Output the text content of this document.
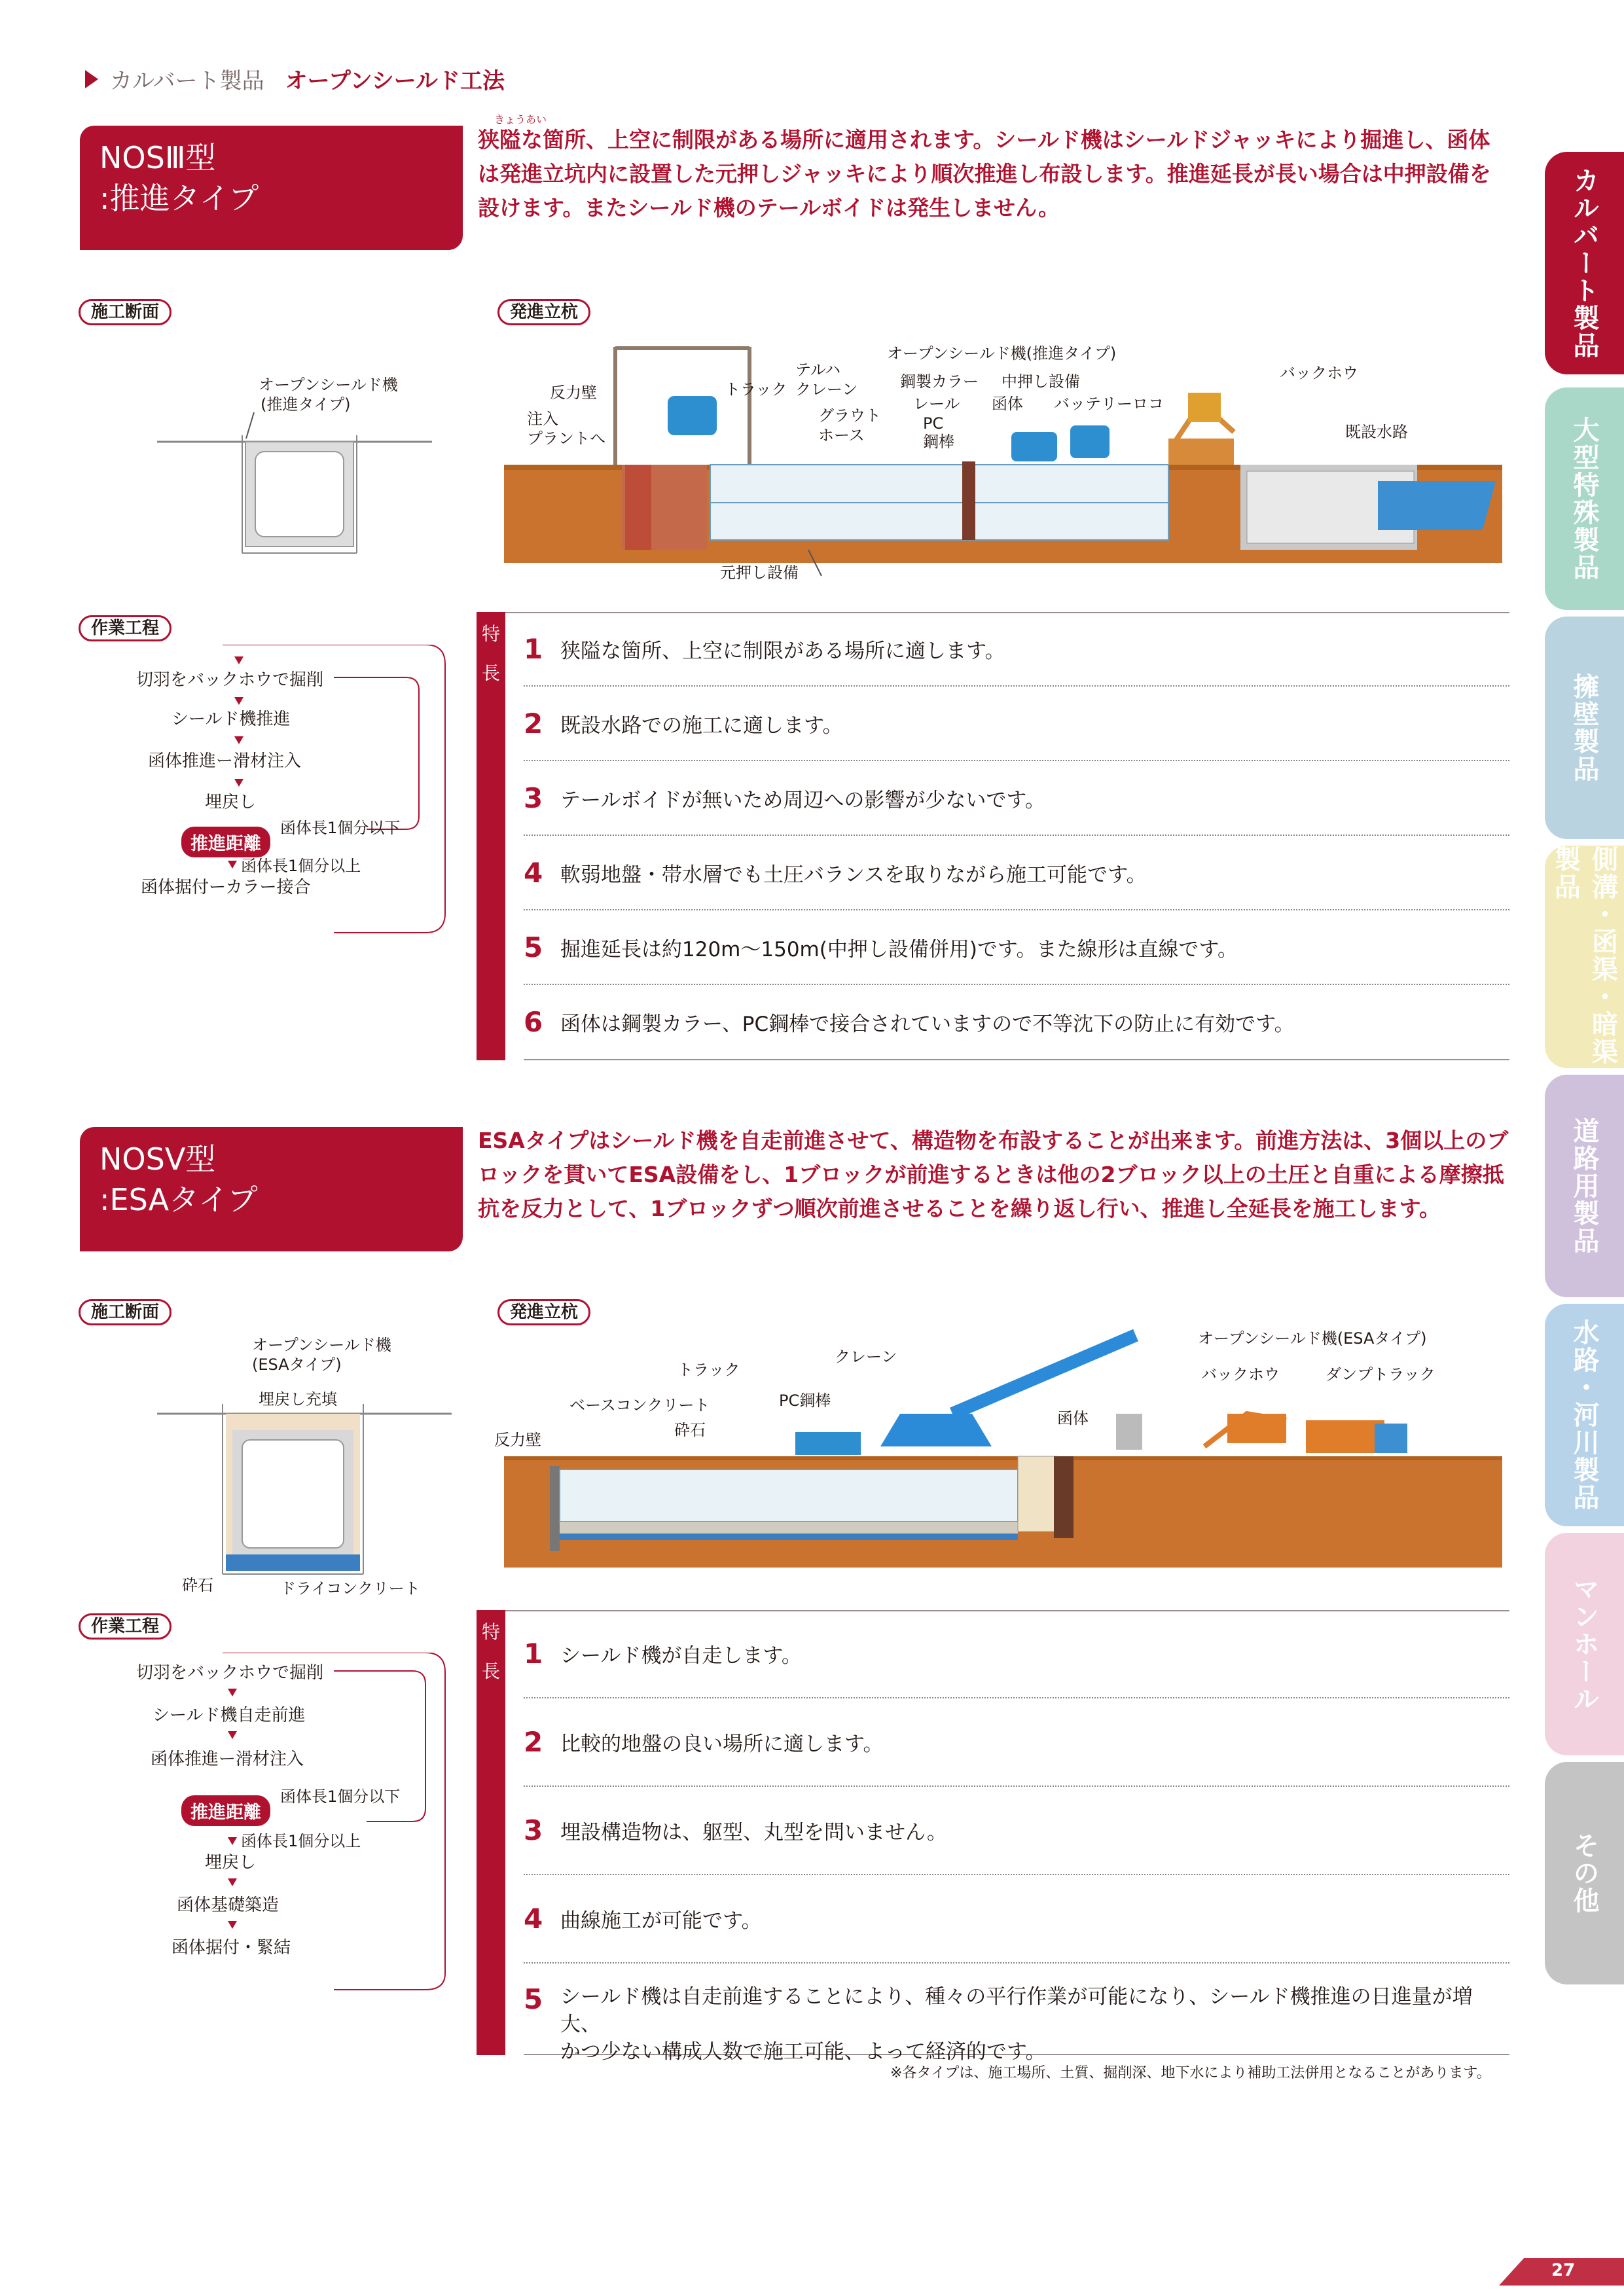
カルバート製品 オープンシールド工法
NOSⅢ型
:推進タイプ
きょうあい
狭隘な箇所、上空に制限がある場所に適用されます。シールド機はシールドジャッキにより掘進し、函体は発進立坑内に設置した元押しジャッキにより順次推進し布設します。推進延長が長い場合は中押設備を設けます。またシールド機のテールボイドは発生しません。
施工断面	発進立杭
オープンシールド機
(推進タイプ)
オープンシールド機(推進タイプ)
反力壁	トラック
テルハ
クレーン
注入
プラントへ
グラウト
ホース
鋼製カラー
レール
PC
鋼棒
中押し設備
函体 バッテリーロコ
バックホウ
既設水路
元押し設備
作業工程
切羽をバックホウで掘削
シールド機推進
函体推進ー滑材注入
埋戻し
推進距離
函体長1個分以下
函体長1個分以上
函体据付ーカラー接合
特
長
1 狭隘な箇所、上空に制限がある場所に適します。
2 既設水路での施工に適します。
3 テールボイドが無いため周辺への影響が少ないです。
4 軟弱地盤・帯水層でも土圧バランスを取りながら施工可能です。
5 掘進延長は約120m～150m(中押し設備併用)です。また線形は直線です。
6 函体は鋼製カラー、PC鋼棒で接合されていますので不等沈下の防止に有効です。
NOSⅤ型
:ESAタイプ
ESAタイプはシールド機を自走前進させて、構造物を布設することが出来ます。前進方法は、3個以上のブロックを貫いてESA設備をし、1ブロックが前進するときは他の2ブロック以上の土圧と自重による摩擦抵抗を反力として、1ブロックずつ順次前進させることを繰り返し行い、推進し全延長を施工します。
施工断面	発進立杭
オープンシールド機
(ESAタイプ)
埋戻し充填
砕石	ドライコンクリート
オープンシールド機(ESAタイプ)
クレーン
トラック
ベースコンクリート	PC鋼棒
砕石
函体
バックホウ	ダンプトラック
反力壁
作業工程
切羽をバックホウで掘削
シールド機自走前進
函体推進ー滑材注入
函体長1個分以下
推進距離
函体長1個分以上
埋戻し
函体基礎築造
函体据付・緊結
特
長
1 シールド機が自走します。
2 比較的地盤の良い場所に適します。
3 埋設構造物は、躯型、丸型を問いません。
4 曲線施工が可能です。
5 シールド機は自走前進することにより、種々の平行作業が可能になり、シールド機推進の日進量が増大、
かつ少ない構成人数で施工可能、よって経済的です。
※各タイプは、施工場所、土質、掘削深、地下水により補助工法併用となることがあります。
カルバート製品
大型特殊製品
擁壁製品
側溝・函渠・暗渠製品
道路用製品
水路・河川製品
マンホール
その他
27
